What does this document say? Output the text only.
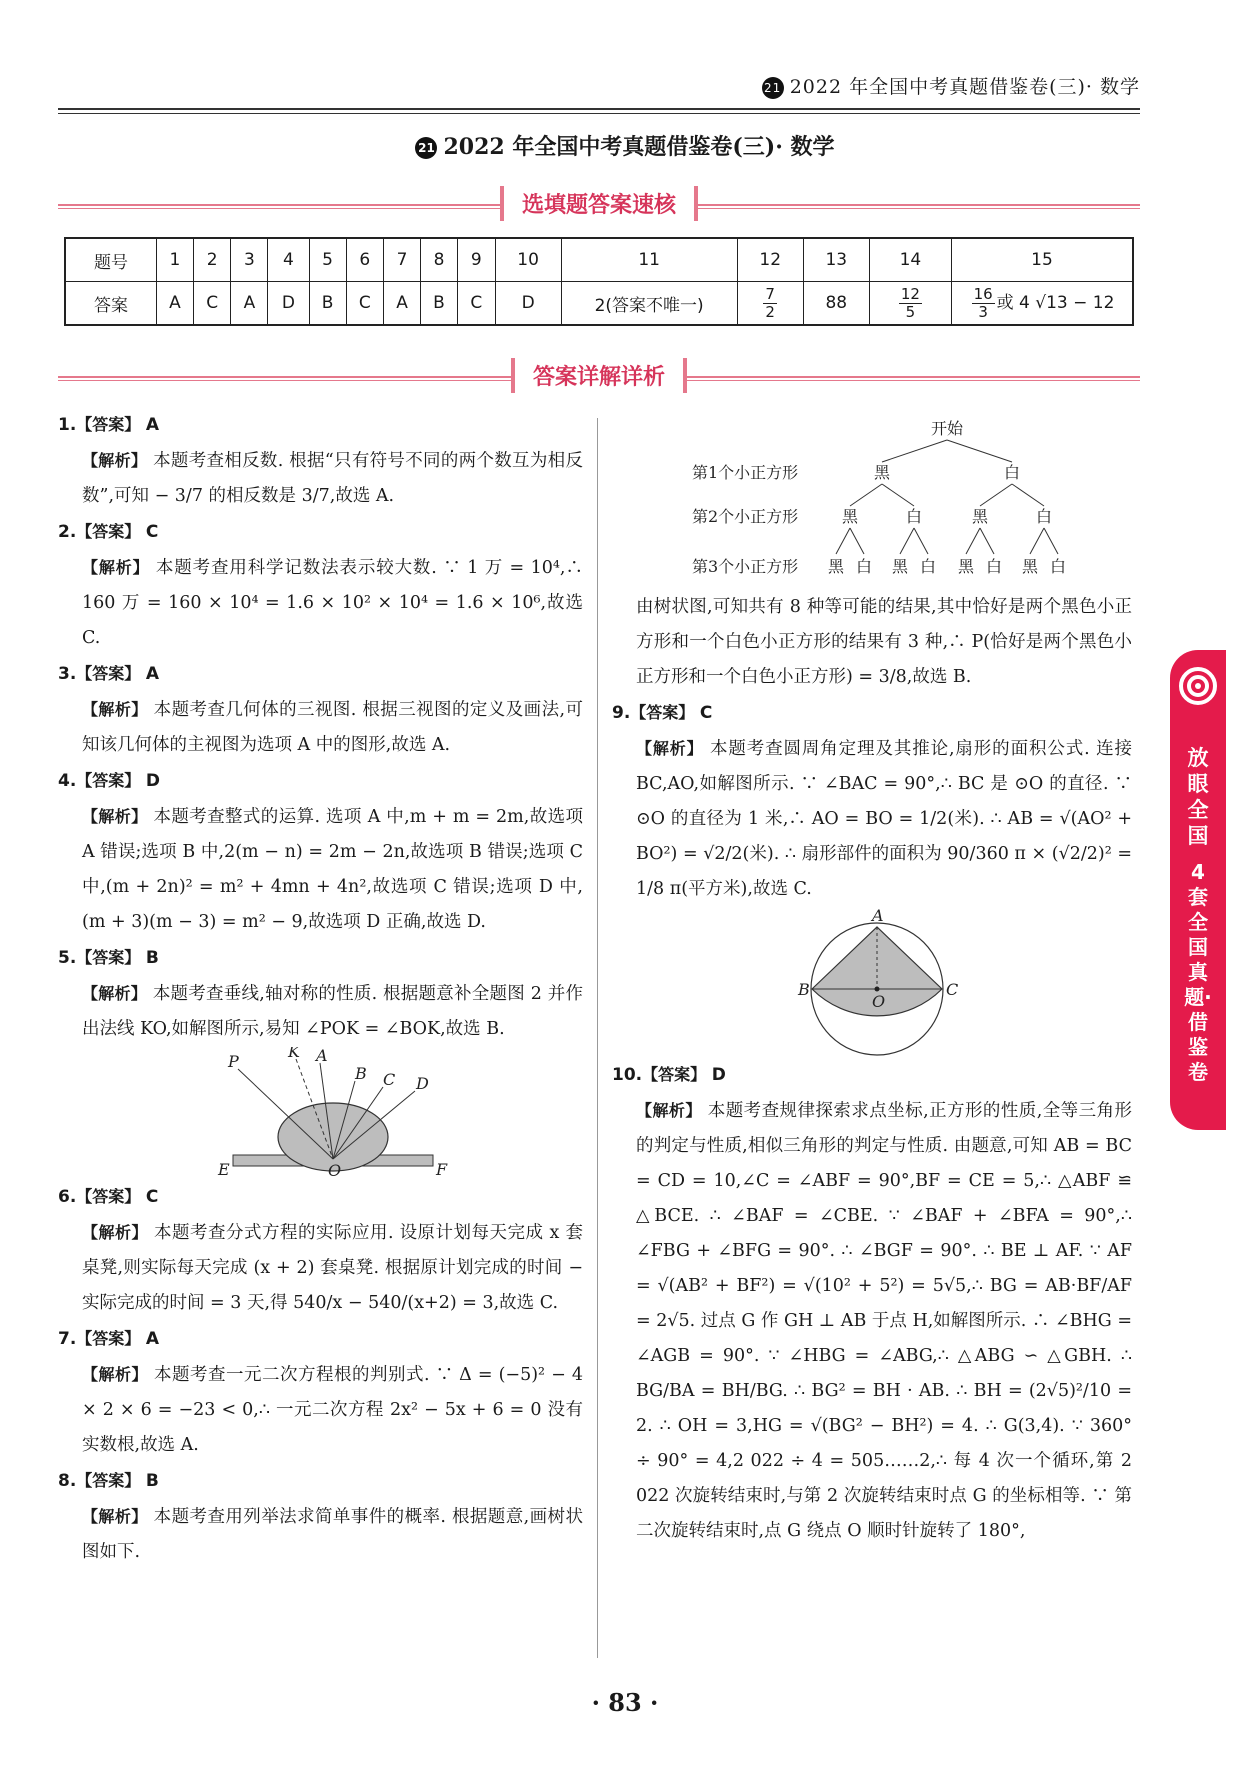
21 2022 年全国中考真题借鉴卷(三)· 数学
21 2022 年全国中考真题借鉴卷(三)· 数学
选填题答案速核
题号	1	2	3	4	5	6	7	8	9	10	11	12	13	14	15
答案	A	C	A	D	B	C	A	B	C	D	2(答案不唯一)	$\frac{7}{2}$	88	$\frac{12}{5}$	$\frac{16}{3}$ 或 4 √13 − 12
答案详解详析

1.【答案】 A

【解析】 本题考查相反数. 根据“只有符号不同的两个数互为相反数”,可知 − 3/7 的相反数是 3/7,故选 A.

2.【答案】 C

【解析】 本题考查用科学记数法表示较大数. ∵ 1 万 = 10⁴,∴ 160 万 = 160 × 10⁴ = 1.6 × 10² × 10⁴ = 1.6 × 10⁶,故选 C.

3.【答案】 A

【解析】 本题考查几何体的三视图. 根据三视图的定义及画法,可知该几何体的主视图为选项 A 中的图形,故选 A.

4.【答案】 D

【解析】 本题考查整式的运算. 选项 A 中,m + m = 2m,故选项 A 错误;选项 B 中,2(m − n) = 2m − 2n,故选项 B 错误;选项 C 中,(m + 2n)² = m² + 4mn + 4n²,故选项 C 错误;选项 D 中,(m + 3)(m − 3) = m² − 9,故选项 D 正确,故选 D.

5.【答案】 B

【解析】 本题考查垂线,轴对称的性质. 根据题意补全题图 2 并作出法线 KO,如解图所示,易知 ∠POK = ∠BOK,故选 B.

P
K A
B C D
E	O	F

6.【答案】 C

【解析】 本题考查分式方程的实际应用. 设原计划每天完成 x 套桌凳,则实际每天完成 (x + 2) 套桌凳. 根据原计划完成的时间 − 实际完成的时间 = 3 天,得 540/x − 540/(x+2) = 3,故选 C.

7.【答案】 A

【解析】 本题考查一元二次方程根的判别式. ∵ Δ = (−5)² − 4 × 2 × 6 = −23 < 0,∴ 一元二次方程 2x² − 5x + 6 = 0 没有实数根,故选 A.

8.【答案】 B

【解析】 本题考查用列举法求简单事件的概率. 根据题意,画树状图如下.

开始
黑	白
黑	白	黑	白
黑 白 黑 白 黑 白 黑 白
第1个小正方形
第2个小正方形
第3个小正方形

由树状图,可知共有 8 种等可能的结果,其中恰好是两个黑色小正方形和一个白色小正方形的结果有 3 种,∴ P(恰好是两个黑色小正方形和一个白色小正方形) = 3/8,故选 B.

9.【答案】 C

【解析】 本题考查圆周角定理及其推论,扇形的面积公式. 连接 BC,AO,如解图所示. ∵ ∠BAC = 90°,∴ BC 是 ⊙O 的直径. ∵ ⊙O 的直径为 1 米,∴ AO = BO = 1/2(米). ∴ AB = √(AO² + BO²) = √2/2(米). ∴ 扇形部件的面积为 90/360 π × (√2/2)² = 1/8 π(平方米),故选 C.

A
B
O
C

10.【答案】 D

【解析】 本题考查规律探索求点坐标,正方形的性质,全等三角形的判定与性质,相似三角形的判定与性质. 由题意,可知 AB = BC = CD = 10,∠C = ∠ABF = 90°,BF = CE = 5,∴ △ABF ≌ △BCE. ∴ ∠BAF = ∠CBE. ∵ ∠BAF + ∠BFA = 90°,∴ ∠FBG + ∠BFG = 90°. ∴ ∠BGF = 90°. ∴ BE ⊥ AF. ∵ AF = √(AB² + BF²) = √(10² + 5²) = 5√5,∴ BG = AB·BF/AF = 2√5. 过点 G 作 GH ⊥ AB 于点 H,如解图所示. ∴ ∠BHG = ∠AGB = 90°. ∵ ∠HBG = ∠ABG,∴ △ABG ∽ △GBH. ∴ BG/BA = BH/BG. ∴ BG² = BH · AB. ∴ BH = (2√5)²/10 = 2. ∴ OH = 3,HG = √(BG² − BH²) = 4. ∴ G(3,4). ∵ 360° ÷ 90° = 4,2 022 ÷ 4 = 505……2,∴ 每 4 次一个循环,第 2 022 次旋转结束时,与第 2 次旋转结束时点 G 的坐标相等. ∵ 第二次旋转结束时,点 G 绕点 O 顺时针旋转了 180°,

放眼全国
4套全国真题·借鉴卷
· 83 ·
